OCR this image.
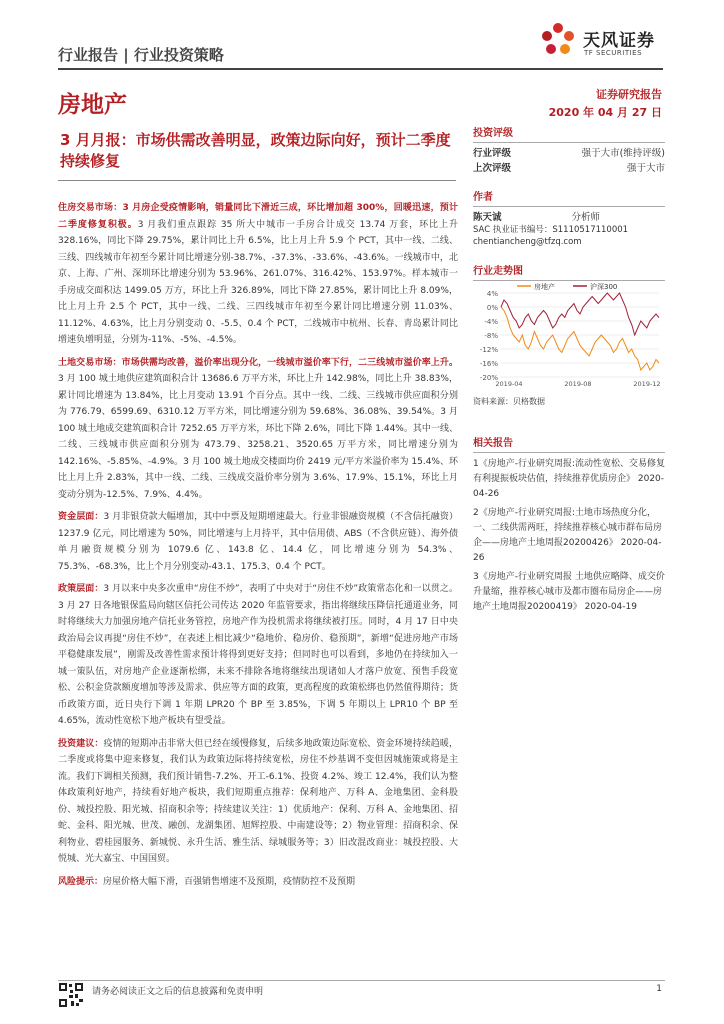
行业报告 | 行业投资策略
天风证券
TF SECURITIES
房地产	证券研究报告
2020 年 04 月 27 日
3 月月报：市场供需改善明显，政策边际向好，预计二季度持续修复

住房交易市场：3 月房企受疫情影响，销量同比下滑近三成，环比增加超 300%，回暖迅速，预计二季度修复积极。3 月我们重点跟踪 35 所大中城市一手房合计成交 13.74 万套，环比上升 328.16%，同比下降 29.75%，累计同比上升 6.5%，比上月上升 5.9 个 PCT，其中一线、二线、三线、四线城市年初至今累计同比增速分别-38.7%、-37.3%、-33.6%、-43.6%。一线城市中，北京、上海、广州、深圳环比增速分别为 53.96%、261.07%、316.42%、153.97%。样本城市一手房成交面积达 1499.05 万方，环比上升 326.89%，同比下降 27.85%，累计同比上升 8.09%，比上月上升 2.5 个 PCT，其中一线、二线、三四线城市年初至今累计同比增速分别 11.03%、11.12%、4.63%，比上月分别变动 0、-5.5、0.4 个 PCT，二线城市中杭州、长春、青岛累计同比增速负增明显，分别为-11%、-5%、-4.5%。

土地交易市场：市场供需均改善，溢价率出现分化，一线城市溢价率下行，二三线城市溢价率上升。3 月 100 城土地供应建筑面积合计 13686.6 万平方米，环比上升 142.98%，同比上升 38.83%，累计同比增速为 13.84%，比上月变动 13.91 个百分点。其中一线、二线、三线城市供应面积分别为 776.79、6599.69、6310.12 万平方米，同比增速分别为 59.68%、36.08%、39.54%。3 月 100 城土地成交建筑面积合计 7252.65 万平方米，环比下降 2.6%，同比下降 1.44%。其中一线、二线、三线城市供应面积分别为 473.79、3258.21、3520.65 万平方米，同比增速分别为 142.16%、-5.85%、-4.9%。3 月 100 城土地成交楼面均价 2419 元/平方米溢价率为 15.4%、环比上月上升 2.83%，其中一线、二线、三线成交溢价率分别为 3.6%、17.9%、15.1%，环比上月变动分别为-12.5%、7.9%、4.4%。

资金层面：3 月非银贷款大幅增加，其中中票及短期增速最大。行业非银融资规模（不含信托融资）1237.9 亿元，同比增速为 50%，同比增速与上月持平，其中信用债、ABS（不含供应链）、海外债单月融资规模分别为 1079.6 亿、143.8 亿、14.4 亿，同比增速分别为 54.3%、75.3%、-68.3%，比上个月分别变动-43.1、175.3、0.4 个 PCT。

政策层面：3 月以来中央多次重申“房住不炒”，表明了中央对于“房住不炒”政策常态化和一以贯之。3 月 27 日各地银保监局向辖区信托公司传达 2020 年监管要求，指出将继续压降信托通道业务，同时将继续大力加强房地产信托业务管控，房地产作为投机需求将继续被打压。同时，4 月 17 日中央政治局会议再提“房住不炒”，在表述上相比减少“稳地价、稳房价、稳预期”，新增“促进房地产市场平稳健康发展”，刚需及改善性需求预计将得到更好支持；但同时也可以看到，多地仍在持续加入一城一策队伍，对房地产企业逐渐松绑，未来不排除各地将继续出现诸如人才落户放宽、预售手段宽松、公积金贷款额度增加等涉及需求、供应等方面的政策，更高程度的政策松绑也仍然值得期待；货币政策方面，近日央行下调 1 年期 LPR20 个 BP 至 3.85%，下调 5 年期以上 LPR10 个 BP 至 4.65%，流动性宽松下地产板块有望受益。

投资建议：疫情的短期冲击非常大但已经在缓慢修复，后续多地政策边际宽松、资金环境持续趋暖，二季度或将集中迎来修复，我们认为政策边际将持续宽松，房住不炒基调不变但因城施策或将是主流。我们下调相关预测，我们预计销售-7.2%、开工-6.1%、投资 4.2%、竣工 12.4%，我们认为整体政策利好地产，持续看好地产板块，我们短期重点推荐：保利地产、万科 A、金地集团、金科股份、城投控股、阳光城、招商积余等；持续建议关注：1）优质地产：保利、万科 A、金地集团、招蛇、金科、阳光城、世茂、融创、龙湖集团、旭辉控股、中南建设等；2）物业管理：招商积余、保利物业、碧桂园服务、新城悦、永升生活、雅生活、绿城服务等；3）旧改混改商业：城投控股、大悦城、光大嘉宝、中国国贸。

风险提示：房屋价格大幅下滑，百强销售增速不及预期，疫情防控不及预期

投资评级
行业评级	强于大市(维持评级)
上次评级	强于大市
作者
陈天诚	分析师
SAC 执业证书编号：S1110517110001
chentiancheng@tfzq.com
行业走势图
4%
0%
-4%
-8%
-12%
-16%
-20%
2019-04	2019-08	2019-12
房地产	沪深300
资料来源：贝格数据
相关报告
1《房地产-行业研究周报:流动性宽松、交易修复有利提振板块估值，持续推荐优质房企》 2020-04-26
2《房地产-行业研究周报:土地市场热度分化，一、二线供需两旺，持续推荐核心城市群布局房企——房地产土地周报20200426》 2020-04-26
3《房地产-行业研究周报 土地供应略降、成交价升量缩，推荐核心城市及都市圈布局房企——房地产土地周报20200419》 2020-04-19
请务必阅读正文之后的信息披露和免责申明	1
